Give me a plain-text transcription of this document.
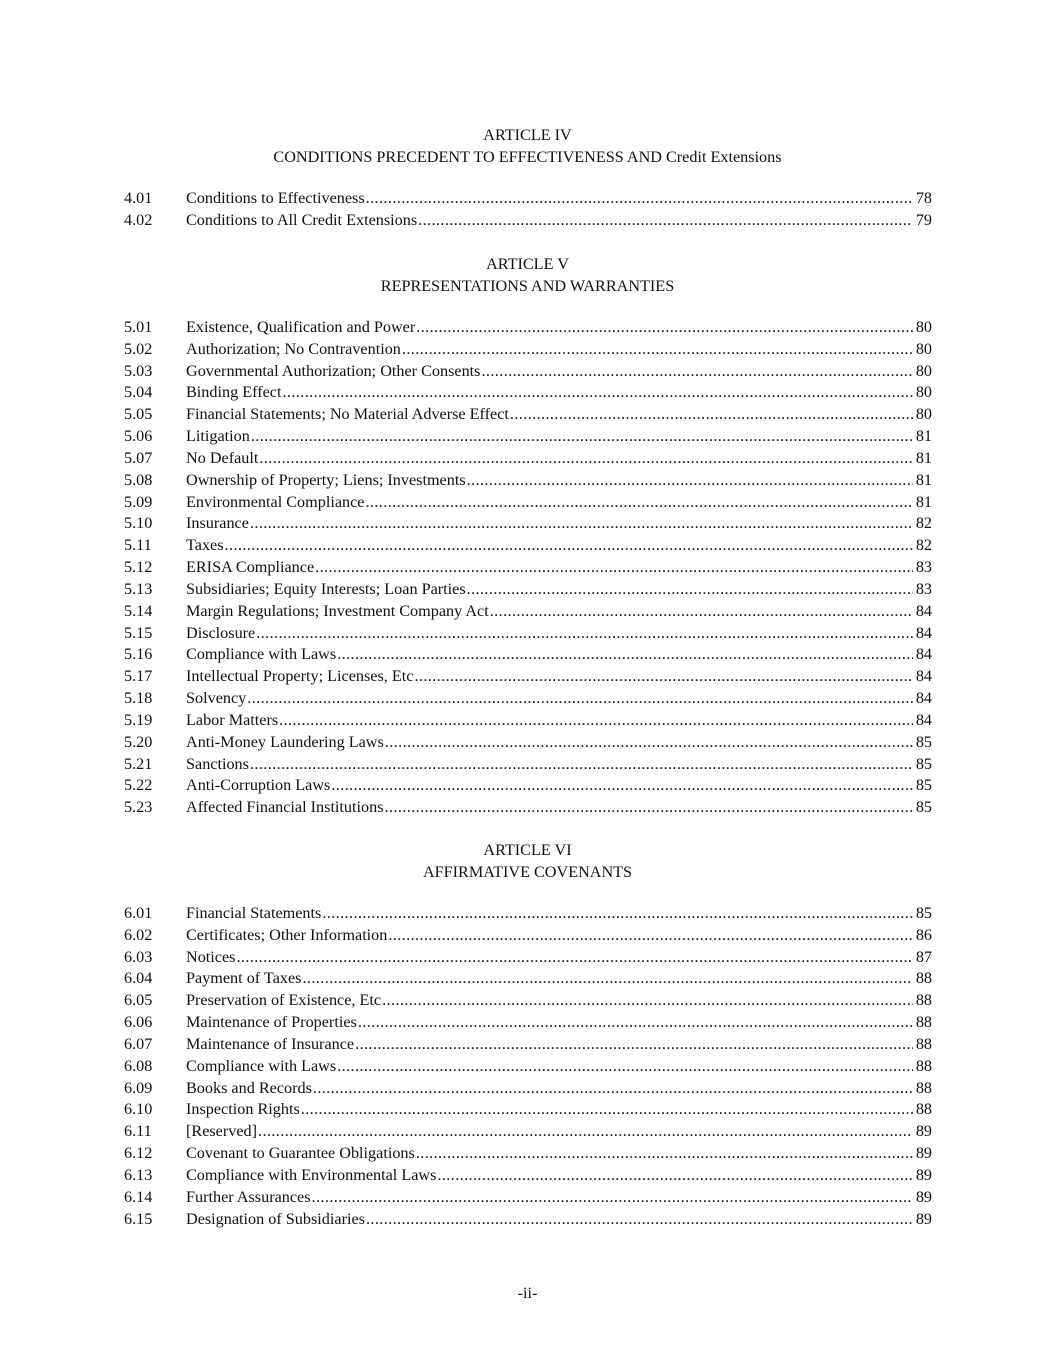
ARTICLE IV
CONDITIONS PRECEDENT TO EFFECTIVENESS AND Credit Extensions
4.01	Conditions to Effectiveness .....	78
4.02	Conditions to All Credit Extensions .....	79
ARTICLE V
REPRESENTATIONS AND WARRANTIES
5.01	Existence, Qualification and Power .....	80
5.02	Authorization; No Contravention .....	80
5.03	Governmental Authorization; Other Consents .....	80
5.04	Binding Effect .....	80
5.05	Financial Statements; No Material Adverse Effect .....	80
5.06	Litigation .....	81
5.07	No Default .....	81
5.08	Ownership of Property; Liens; Investments .....	81
5.09	Environmental Compliance .....	81
5.10	Insurance .....	82
5.11	Taxes .....	82
5.12	ERISA Compliance .....	83
5.13	Subsidiaries; Equity Interests; Loan Parties .....	83
5.14	Margin Regulations; Investment Company Act .....	84
5.15	Disclosure .....	84
5.16	Compliance with Laws .....	84
5.17	Intellectual Property; Licenses, Etc .....	84
5.18	Solvency .....	84
5.19	Labor Matters .....	84
5.20	Anti-Money Laundering Laws .....	85
5.21	Sanctions .....	85
5.22	Anti-Corruption Laws .....	85
5.23	Affected Financial Institutions .....	85
ARTICLE VI
AFFIRMATIVE COVENANTS
6.01	Financial Statements .....	85
6.02	Certificates; Other Information .....	86
6.03	Notices .....	87
6.04	Payment of Taxes .....	88
6.05	Preservation of Existence, Etc .....	88
6.06	Maintenance of Properties .....	88
6.07	Maintenance of Insurance .....	88
6.08	Compliance with Laws .....	88
6.09	Books and Records .....	88
6.10	Inspection Rights .....	88
6.11	[Reserved] .....	89
6.12	Covenant to Guarantee Obligations .....	89
6.13	Compliance with Environmental Laws .....	89
6.14	Further Assurances .....	89
6.15	Designation of Subsidiaries .....	89
-ii-
